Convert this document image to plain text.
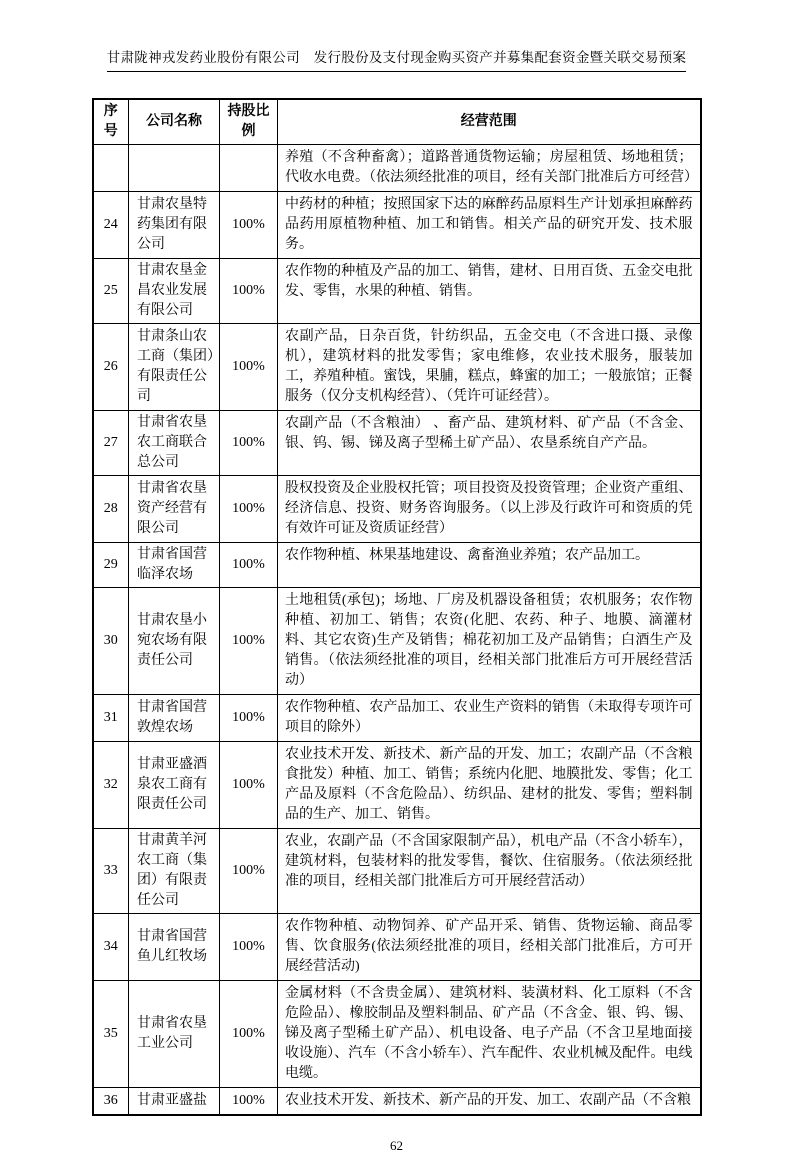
甘肃陇神戎发药业股份有限公司　发行股份及支付现金购买资产并募集配套资金暨关联交易预案
序号	公司名称	持股比例	经营范围
			养殖（不含种畜禽）；道路普通货物运输；房屋租赁、场地租赁；代收水电费。（依法须经批准的项目，经有关部门批准后方可经营）
24	甘肃农垦特药集团有限公司	100%	中药材的种植；按照国家下达的麻醉药品原料生产计划承担麻醉药品药用原植物种植、加工和销售。相关产品的研究开发、技术服务。
25	甘肃农垦金昌农业发展有限公司	100%	农作物的种植及产品的加工、销售，建材、日用百货、五金交电批发、零售，水果的种植、销售。
26	甘肃条山农工商（集团）有限责任公司	100%	农副产品，日杂百货，针纺织品，五金交电（不含进口摄、录像机），建筑材料的批发零售；家电维修，农业技术服务，服装加工，养殖种植。蜜饯，果脯，糕点，蜂蜜的加工；一般旅馆；正餐服务（仅分支机构经营）、（凭许可证经营）。
27	甘肃省农垦农工商联合总公司	100%	农副产品（不含粮油） 、畜产品、建筑材料、矿产品（不含金、银、钨、锡、锑及离子型稀土矿产品）、农垦系统自产产品。
28	甘肃省农垦资产经营有限公司	100%	股权投资及企业股权托管；项目投资及投资管理；企业资产重组、经济信息、投资、财务咨询服务。（以上涉及行政许可和资质的凭有效许可证及资质证经营）
29	甘肃省国营临泽农场	100%	农作物种植、林果基地建设、禽畜渔业养殖；农产品加工。
30	甘肃农垦小宛农场有限责任公司	100%	土地租赁(承包)；场地、厂房及机器设备租赁；农机服务；农作物种植、初加工、销售；农资(化肥、农药、种子、地膜、滴灌材料、其它农资)生产及销售；棉花初加工及产品销售；白酒生产及销售。（依法须经批准的项目，经相关部门批准后方可开展经营活动）
31	甘肃省国营敦煌农场	100%	农作物种植、农产品加工、农业生产资料的销售（未取得专项许可项目的除外）
32	甘肃亚盛酒泉农工商有限责任公司	100%	农业技术开发、新技术、新产品的开发、加工；农副产品（不含粮食批发）种植、加工、销售；系统内化肥、地膜批发、零售；化工产品及原料（不含危险品）、纺织品、建材的批发、零售；塑料制品的生产、加工、销售。
33	甘肃黄羊河农工商（集团）有限责任公司	100%	农业，农副产品（不含国家限制产品），机电产品（不含小轿车），建筑材料，包装材料的批发零售，餐饮、住宿服务。（依法须经批准的项目，经相关部门批准后方可开展经营活动）
34	甘肃省国营鱼儿红牧场	100%	农作物种植、动物饲养、矿产品开采、销售、货物运输、商品零售、饮食服务(依法须经批准的项目，经相关部门批准后，方可开展经营活动)
35	甘肃省农垦工业公司	100%	金属材料（不含贵金属）、建筑材料、装潢材料、化工原料（不含危险品）、橡胶制品及塑料制品、矿产品（不含金、银、钨、锡、锑及离子型稀土矿产品）、机电设备、电子产品（不含卫星地面接收设施）、汽车（不含小轿车）、汽车配件、农业机械及配件。电线电缆。
36	甘肃亚盛盐	100%	农业技术开发、新技术、新产品的开发、加工、农副产品（不含粮
62
